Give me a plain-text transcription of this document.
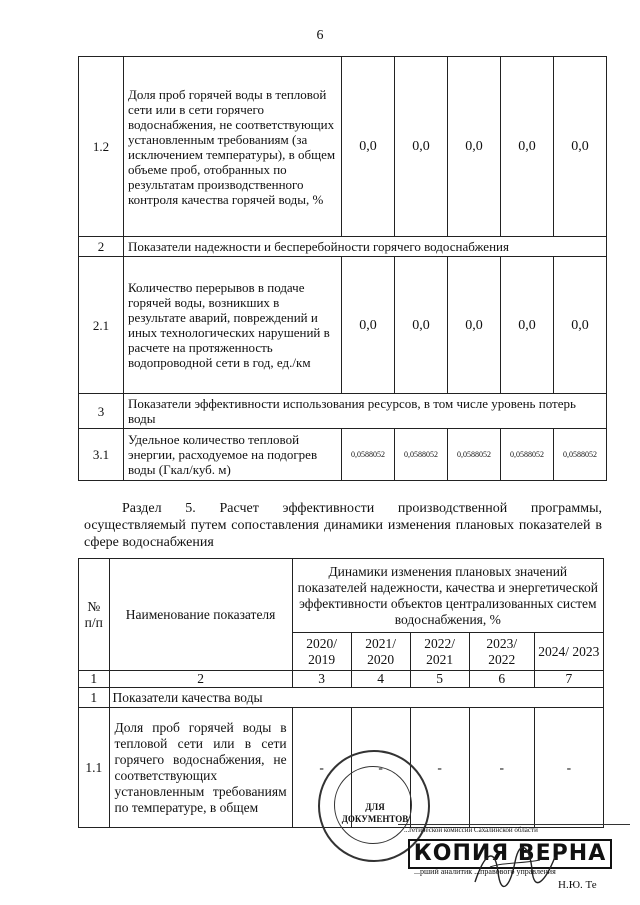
6
1.2	Доля проб горячей воды в тепловой сети или в сети горячего водоснабжения, не соответствующих установленным требованиям (за исключением температуры), в общем объеме проб, отобранных по результатам производственного контроля качества горячей воды, %	0,0	0,0	0,0	0,0	0,0
2	Показатели надежности и бесперебойности горячего водоснабжения					
2.1	Количество перерывов в подаче горячей воды, возникших в результате аварий, повреждений и иных технологических нарушений в расчете на протяженность водопроводной сети в год, ед./км	0,0	0,0	0,0	0,0	0,0
3	Показатели эффективности использования ресурсов, в том числе уровень потерь воды					
3.1	Удельное количество тепловой энергии, расходуемое на подогрев воды (Гкал/куб. м)	0,0588052	0,0588052	0,0588052	0,0588052	0,0588052
Раздел 5. Расчет эффективности производственной программы, осуществляемый путем сопоставления динамики изменения плановых показателей в сфере водоснабжения
№ п/п	Наименование показателя	Динамики изменения плановых значений показателей надежности, качества и энергетической эффективности объектов централизованных систем водоснабжения, %				
		2020/ 2019	2021/ 2020	2022/ 2021	2023/ 2022	2024/ 2023
1	2	3	4	5	6	7
1	Показатели качества воды					
1.1	Доля проб горячей воды в тепловой сети или в сети горячего водоснабжения, не соответствующих установленным требованиям по температуре, в общем	-	-	-	-	-
ДЛЯ
ДОКУМЕНТОВ
...гетической комиссии Сахалинской области
КОПИЯ ВЕРНА
...рший аналитик ...правового управления
Н.Ю. Те
